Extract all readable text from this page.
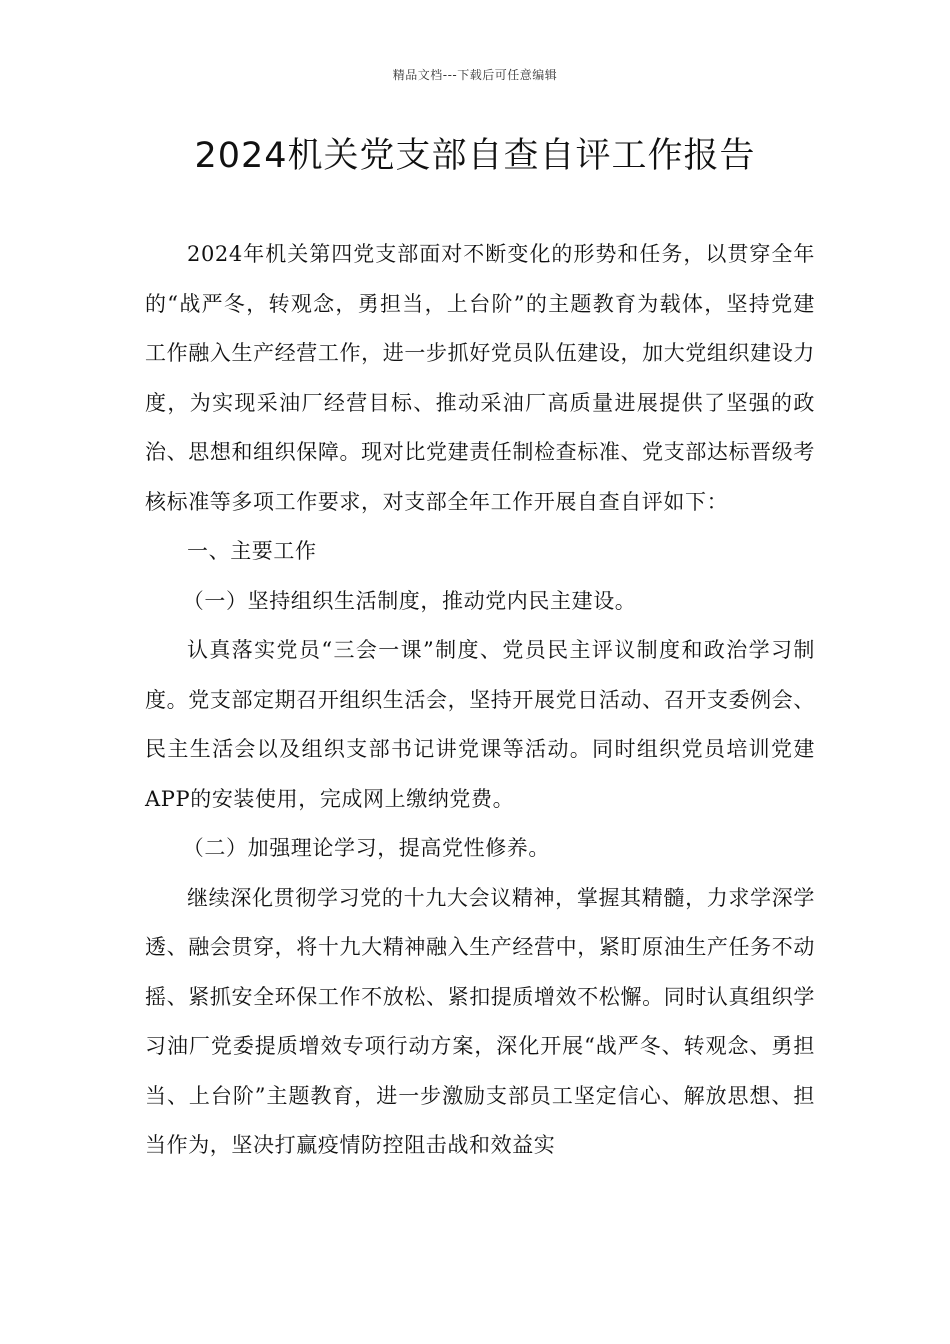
精品文档---下载后可任意编辑
2024机关党支部自查自评工作报告

2024年机关第四党支部面对不断变化的形势和任务，以贯穿全年的“战严冬，转观念，勇担当，上台阶”的主题教育为载体，坚持党建工作融入生产经营工作，进一步抓好党员队伍建设，加大党组织建设力度，为实现采油厂经营目标、推动采油厂高质量进展提供了坚强的政治、思想和组织保障。现对比党建责任制检查标准、党支部达标晋级考核标准等多项工作要求，对支部全年工作开展自查自评如下：

一、主要工作

（一）坚持组织生活制度，推动党内民主建设。

认真落实党员“三会一课”制度、党员民主评议制度和政治学习制度。党支部定期召开组织生活会，坚持开展党日活动、召开支委例会、民主生活会以及组织支部书记讲党课等活动。同时组织党员培训党建APP的安装使用，完成网上缴纳党费。

（二）加强理论学习，提高党性修养。

继续深化贯彻学习党的十九大会议精神，掌握其精髓，力求学深学透、融会贯穿，将十九大精神融入生产经营中，紧盯原油生产任务不动摇、紧抓安全环保工作不放松、紧扣提质增效不松懈。同时认真组织学习油厂党委提质增效专项行动方案，深化开展“战严冬、转观念、勇担当、上台阶”主题教育，进一步激励支部员工坚定信心、解放思想、担当作为，坚决打赢疫情防控阻击战和效益实
